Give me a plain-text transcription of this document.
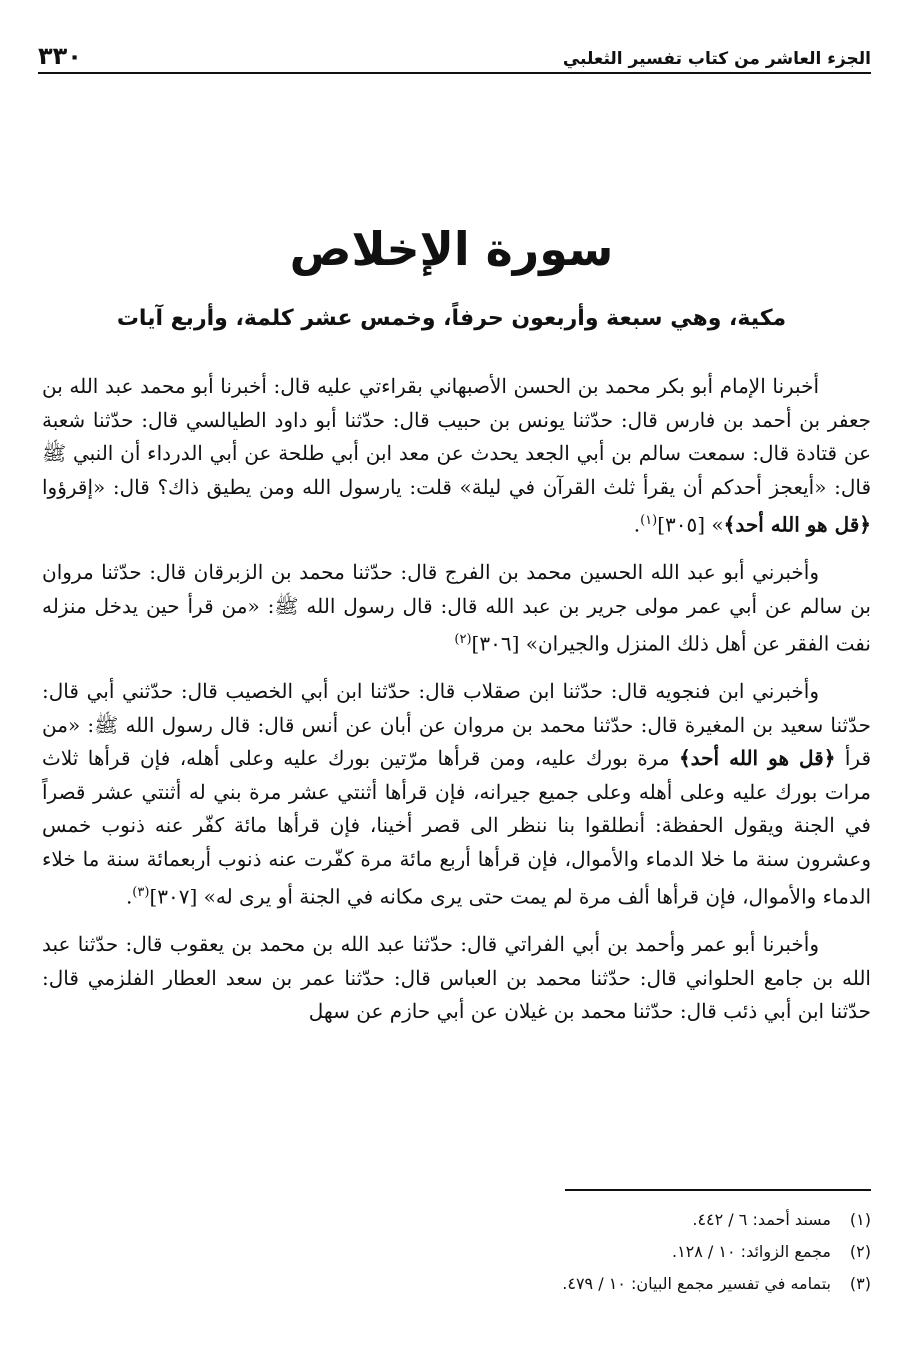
الجزء العاشر من كتاب تفسير الثعلبي
٣٣٠
سورة الإخلاص
مكية، وهي سبعة وأربعون حرفاً، وخمس عشر كلمة، وأربع آيات

أخبرنا الإمام أبو بكر محمد بن الحسن الأصبهاني بقراءتي عليه قال: أخبرنا أبو محمد عبد الله بن جعفر بن أحمد بن فارس قال: حدّثنا يونس بن حبيب قال: حدّثنا أبو داود الطيالسي قال: حدّثنا شعبة عن قتادة قال: سمعت سالم بن أبي الجعد يحدث عن معد ابن أبي طلحة عن أبي الدرداء أن النبي ﷺ قال: «أيعجز أحدكم أن يقرأ ثلث القرآن في ليلة» قلت: يارسول الله ومن يطيق ذاك؟ قال: «إقرؤوا ﴿قل هو الله أحد﴾» [٣٠٥]$^{(١)}$.

وأخبرني أبو عبد الله الحسين محمد بن الفرج قال: حدّثنا محمد بن الزبرقان قال: حدّثنا مروان بن سالم عن أبي عمر مولى جرير بن عبد الله قال: قال رسول الله ﷺ: «من قرأ حين يدخل منزله نفت الفقر عن أهل ذلك المنزل والجيران» [٣٠٦]$^{(٢)}$

وأخبرني ابن فنجويه قال: حدّثنا ابن صقلاب قال: حدّثنا ابن أبي الخصيب قال: حدّثني أبي قال: حدّثنا سعيد بن المغيرة قال: حدّثنا محمد بن مروان عن أبان عن أنس قال: قال رسول الله ﷺ: «من قرأ ﴿قل هو الله أحد﴾ مرة بورك عليه، ومن قرأها مرّتين بورك عليه وعلى أهله، فإن قرأها ثلاث مرات بورك عليه وعلى أهله وعلى جميع جيرانه، فإن قرأها أثنتي عشر مرة بني له أثنتي عشر قصراً في الجنة ويقول الحفظة: أنطلقوا بنا ننظر الى قصر أخينا، فإن قرأها مائة كفّر عنه ذنوب خمس وعشرون سنة ما خلا الدماء والأموال، فإن قرأها أربع مائة مرة كفّرت عنه ذنوب أربعمائة سنة ما خلاء الدماء والأموال، فإن قرأها ألف مرة لم يمت حتى يرى مكانه في الجنة أو يرى له» [٣٠٧]$^{(٣)}$.

وأخبرنا أبو عمر وأحمد بن أبي الفراتي قال: حدّثنا عبد الله بن محمد بن يعقوب قال: حدّثنا عبد الله بن جامع الحلواني قال: حدّثنا محمد بن العباس قال: حدّثنا عمر بن سعد العطار الفلزمي قال: حدّثنا ابن أبي ذئب قال: حدّثنا محمد بن غيلان عن أبي حازم عن سهل

(١)
مسند أحمد: ٦ / ٤٤٢.
(٢)
مجمع الزوائد: ١٠ / ١٢٨.
(٣)
بتمامه في تفسير مجمع البيان: ١٠ / ٤٧٩.
